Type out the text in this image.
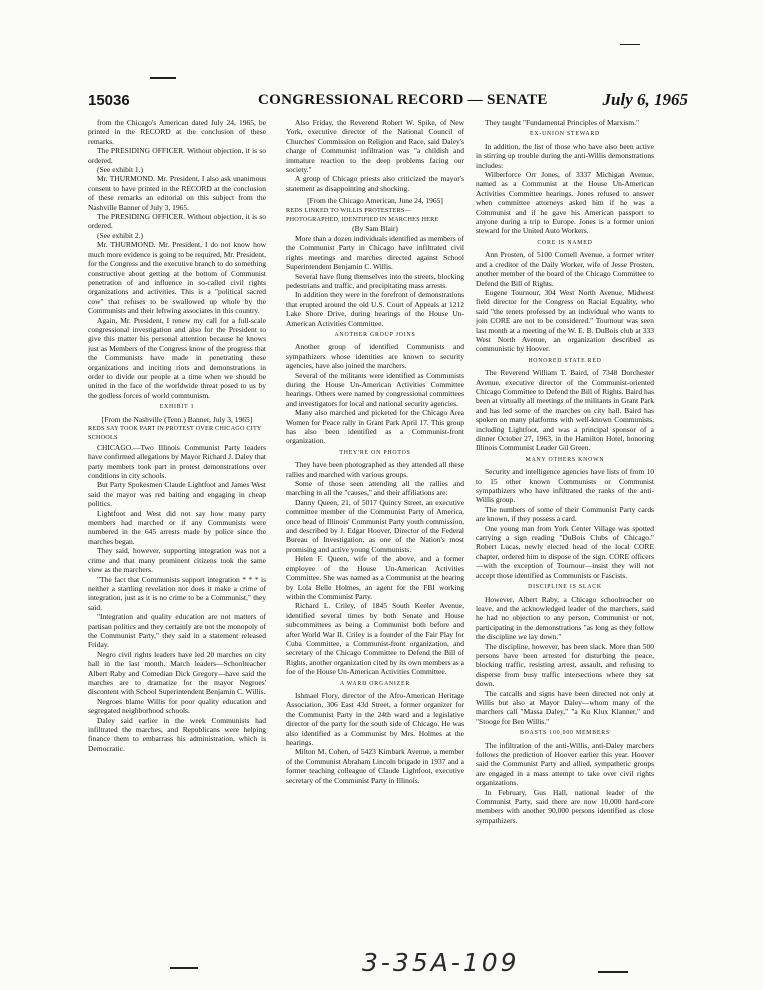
15036	CONGRESSIONAL RECORD — SENATE	July 6, 1965

from the Chicago's American dated July 24, 1965, be printed in the RECORD at the conclusion of these remarks.

The PRESIDING OFFICER. Without objection, it is so ordered.

(See exhibit 1.)

Mr. THURMOND. Mr. President, I also ask unanimous consent to have printed in the RECORD at the conclusion of these remarks an editorial on this subject from the Nashville Banner of July 3, 1965.

The PRESIDING OFFICER. Without objection, it is so ordered.

(See exhibit 2.)

Mr. THURMOND. Mr. President, I do not know how much more evidence is going to be required, Mr. President, for the Congress and the executive branch to do something constructive about getting at the bottom of Communist penetration of and influence in so-called civil rights organizations and activities. This is a "political sacred cow" that refuses to be swallowed up whole by the Communists and their leftwing associates in this country.

Again, Mr. President, I renew my call for a full-scale congressional investigation and also for the President to give this matter his personal attention because he knows just as Members of the Congress know of the progress that the Communists have made in penetrating these organizations and inciting riots and demonstrations in order to divide our people at a time when we should be united in the face of the worldwide threat posed to us by the godless forces of world communism.

EXHIBIT 1

[From the Nashville (Tenn.) Banner, July 3, 1965]

REDS SAY TOOK PART IN PROTEST OVER CHICAGO CITY SCHOOLS

CHICAGO.—Two Illinois Communist Party leaders have confirmed allegations by Mayor Richard J. Daley that party members took part in protest demonstrations over conditions in city schools.

But Party Spokesmen Claude Lightfoot and James West said the mayor was red baiting and engaging in cheap politics.

Lightfoot and West did not say how many party members had marched or if any Communists were numbered in the 645 arrests made by police since the marches began.

They said, however, supporting integration was not a crime and that many prominent citizens took the same view as the marchers.

"The fact that Communists support integration * * * is neither a startling revelation nor does it make a crime of integration, just as it is no crime to be a Communist," they said.

"Integration and quality education are not matters of partisan politics and they certainly are not the monopoly of the Communist Party," they said in a statement released Friday.

Negro civil rights leaders have led 20 marches on city hall in the last month. March leaders—Schoolteacher Albert Raby and Comedian Dick Gregory—have said the marches are to dramatize for the mayor Negroes' discontent with School Superintendent Benjamin C. Willis.

Negroes blame Willis for poor quality education and segregated neighborhood schools.

Daley said earlier in the week Communists had infiltrated the marches, and Republicans were helping finance them to embarrass his administration, which is Democratic.

Also Friday, the Reverend Robert W. Spike, of New York, executive director of the National Council of Churches' Commission on Religion and Race, said Daley's charge of Communist infiltration was "a childish and immature reaction to the deep problems facing our society."

A group of Chicago priests also criticized the mayor's statement as disappointing and shocking.

[From the Chicago American, June 24, 1965]

REDS LINKED TO WILLIS PROTESTERS—PHOTOGRAPHED, IDENTIFIED IN MARCHES HERE

(By Sam Blair)

More than a dozen individuals identified as members of the Communist Party in Chicago have infiltrated civil rights meetings and marches directed against School Superintendent Benjamin C. Willis.

Several have flung themselves into the streets, blocking pedestrians and traffic, and precipitating mass arrests.

In addition they were in the forefront of demonstrations that erupted around the old U.S. Court of Appeals at 1212 Lake Shore Drive, during hearings of the House Un-American Activities Committee.

ANOTHER GROUP JOINS

Another group of identified Communists and sympathizers whose identities are known to security agencies, have also joined the marchers.

Several of the militants were identified as Communists during the House Un-American Activities Committee hearings. Others were named by congressional committees and investigators for local and national security agencies.

Many also marched and picketed for the Chicago Area Women for Peace rally in Grant Park April 17. This group has also been identified as a Communist-front organization.

THEY'RE ON PHOTOS

They have been photographed as they attended all these rallies and marched with various groups.

Some of those seen attending all the rallies and marching in all the "causes," and their affiliations are:

Danny Queen, 21, of 5017 Quincy Street, an executive committee member of the Communist Party of America, once head of Illinois' Communist Party youth commission, and described by J. Edgar Hoover, Director of the Federal Bureau of Investigation, as one of the Nation's most promising and active young Communists.

Helen F. Queen, wife of the above, and a former employee of the House Un-American Activities Committee. She was named as a Communist at the hearing by Lola Belle Holmes, an agent for the FBI working within the Communist Party.

Richard L. Criley, of 1845 South Keeler Avenue, identified several times by both Senate and House subcommittees as being a Communist both before and after World War II. Criley is a founder of the Fair Play for Cuba Committee, a Communist-front organization, and secretary of the Chicago Committee to Defend the Bill of Rights, another organization cited by its own members as a foe of the House Un-American Activities Committee.

A WARD ORGANIZER

Ishmael Flory, director of the Afro-American Heritage Association, 306 East 43d Street, a former organizer for the Communist Party in the 24th ward and a legislative director of the party for the south side of Chicago. He was also identified as a Communist by Mrs. Holmes at the hearings.

Milton M. Cohen, of 5423 Kimbark Avenue, a member of the Communist Abraham Lincoln brigade in 1937 and a former teaching colleague of Claude Lightfoot, executive secretary of the Communist Party in Illinois.

They taught "Fundamental Principles of Marxism."

EX-UNION STEWARD

In addition, the list of those who have also been active in stirring up trouble during the anti-Willis demonstrations includes:

Wilberforce Orr Jones, of 3337 Michigan Avenue, named as a Communist at the House Un-American Activities Committee hearings. Jones refused to answer when committee attorneys asked him if he was a Communist and if he gave his American passport to anyone during a trip to Europe. Jones is a former union steward for the United Auto Workers.

CORE IS NAMED

Ann Prosten, of 5100 Cornell Avenue, a former writer and a creditor of the Daily Worker, wife of Jesse Prosten, another member of the board of the Chicago Committee to Defend the Bill of Rights.

Eugene Tournour, 304 West North Avenue, Midwest field director for the Congress on Racial Equality, who said "the tenets professed by an individual who wants to join CORE are not to be considered." Tournour was seen last month at a meeting of the W. E. B. DuBois club at 333 West North Avenue, an organization described as communistic by Hoover.

HONORED STATE RED

The Reverend William T. Baird, of 7348 Dorchester Avenue, executive director of the Communist-oriented Chicago Committee to Defend the Bill of Rights. Baird has been at virtually all meetings of the militants in Grant Park and has led some of the marches on city hall. Baird has spoken on many platforms with well-known Communists, including Lightfoot, and was a principal sponsor of a dinner October 27, 1963, in the Hamilton Hotel, honoring Illinois Communist Leader Gil Green.

MANY OTHERS KNOWN

Security and intelligence agencies have lists of from 10 to 15 other known Communists or Communist sympathizers who have infiltrated the ranks of the anti-Willis group.

The numbers of some of their Communist Party cards are known, if they possess a card.

One young man from York Center Village was spotted carrying a sign reading "DuBois Clubs of Chicago." Robert Lucas, newly elected head of the local CORE chapter, ordered him to dispose of the sign. CORE officers—with the exception of Tournour—insist they will not accept those identified as Communists or Fascists.

DISCIPLINE IS SLACK

However, Albert Raby, a Chicago schoolteacher on leave, and the acknowledged leader of the marchers, said he had no objection to any person, Communist or not, participating in the demonstrations "as long as they follow the discipline we lay down."

The discipline, however, has been slack. More than 500 persons have been arrested for disturbing the peace, blocking traffic, resisting arrest, assault, and refusing to disperse from busy traffic intersections where they sat down.

The catcalls and signs have been directed not only at Willis but also at Mayor Daley—whom many of the marchers call "Massa Daley," "a Ku Klux Klanner," and "Stooge for Ben Willis."

BOASTS 100,000 MEMBERS

The infiltration of the anti-Willis, anti-Daley marchers follows the prediction of Hoover earlier this year. Hoover said the Communist Party and allied, sympathetic groups are engaged in a mass attempt to take over civil rights organizations.

In February, Gus Hall, national leader of the Communist Party, said there are now 10,000 hard-core members with another 90,000 persons identified as close sympathizers.

3-35A-109
